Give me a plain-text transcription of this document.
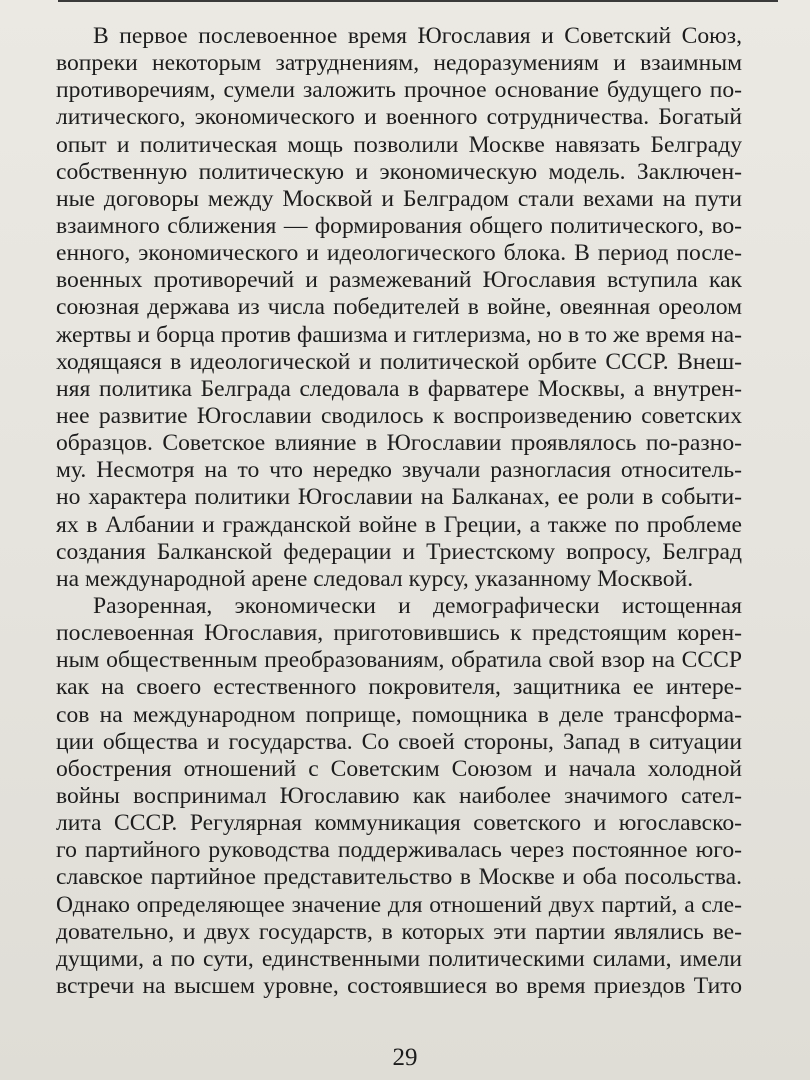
В первое послевоенное время Югославия и Советский Союз,
вопреки некоторым затруднениям, недоразумениям и взаимным
противоречиям, сумели заложить прочное основание будущего по-
литического, экономического и военного сотрудничества. Богатый
опыт и политическая мощь позволили Москве навязать Белграду
собственную политическую и экономическую модель. Заключен-
ные договоры между Москвой и Белградом стали вехами на пути
взаимного сближения — формирования общего политического, во-
енного, экономического и идеологического блока. В период после-
военных противоречий и размежеваний Югославия вступила как
союзная держава из числа победителей в войне, овеянная ореолом
жертвы и борца против фашизма и гитлеризма, но в то же время на-
ходящаяся в идеологической и политической орбите СССР. Внеш-
няя политика Белграда следовала в фарватере Москвы, а внутрен-
нее развитие Югославии сводилось к воспроизведению советских
образцов. Советское влияние в Югославии проявлялось по-разно-
му. Несмотря на то что нередко звучали разногласия относитель-
но характера политики Югославии на Балканах, ее роли в событи-
ях в Албании и гражданской войне в Греции, а также по проблеме
создания Балканской федерации и Триестскому вопросу, Белград
на международной арене следовал курсу, указанному Москвой.
Разоренная, экономически и демографически истощенная
послевоенная Югославия, приготовившись к предстоящим корен-
ным общественным преобразованиям, обратила свой взор на СССР
как на своего естественного покровителя, защитника ее интере-
сов на международном поприще, помощника в деле трансформа-
ции общества и государства. Со своей стороны, Запад в ситуации
обострения отношений с Советским Союзом и начала холодной
войны воспринимал Югославию как наиболее значимого сател-
лита СССР. Регулярная коммуникация советского и югославско-
го партийного руководства поддерживалась через постоянное юго-
славское партийное представительство в Москве и оба посольства.
Однако определяющее значение для отношений двух партий, а сле-
довательно, и двух государств, в которых эти партии являлись ве-
дущими, а по сути, единственными политическими силами, имели
встречи на высшем уровне, состоявшиеся во время приездов Тито
29
